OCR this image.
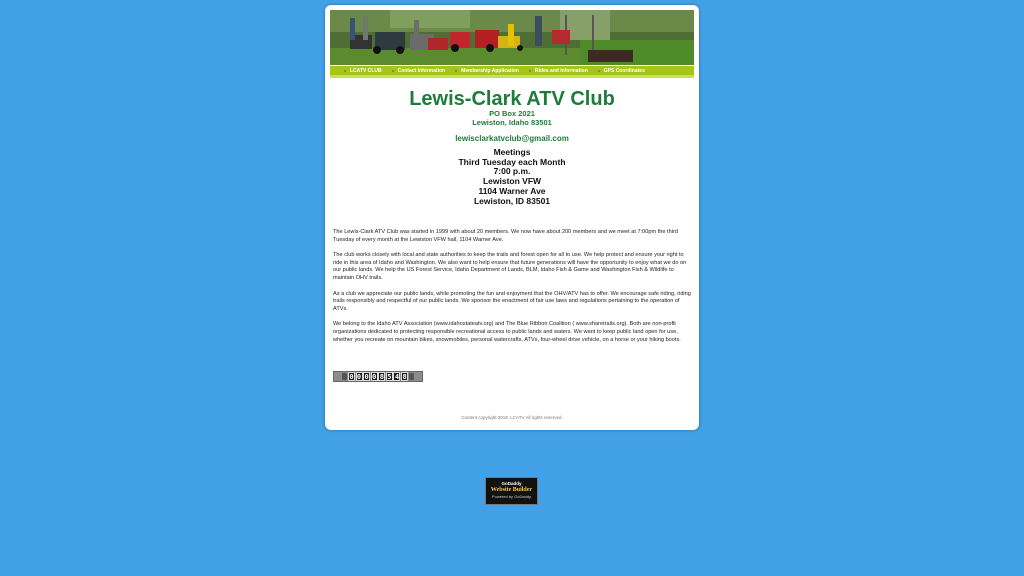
LCATV CLUB	Contact Information	Membership Application	Rides and Information	GPS Coordinates
Lewis-Clark ATV Club
PO Box 2021
Lewiston, Idaho 83501
lewisclarkatvclub@gmail.com
Meetings
Third Tuesday each Month
7:00 p.m.
Lewiston VFW
1104 Warner Ave
Lewiston, ID 83501

The Lewis-Clark ATV Club was started in 1999 with about 20 members. We now have about 200 members and we meet at 7:00pm the third Tuesday of every month at the Lewiston VFW hall, 1104 Warner Ave.

The club works closely with local and state authorities to keep the trails and forest open for all to use. We help protect and ensure your right to ride in this area of Idaho and Washington. We also want to help ensure that future generations will have the opportunity to enjoy what we do on our public lands. We help the US Forest Service, Idaho Department of Lands, BLM, Idaho Fish & Game and Washington Fish & Wildlife to maintain OHV trails.

As a club we appreciate our public lands, while promoting the fun and enjoyment that the OHV/ATV has to offer. We encourage safe riding, riding trails responsibly and respectful of our public lands. We sponsor the enactment of fair use laws and regulations pertaining to the operation of ATVs.

We belong to the Idaho ATV Association (www.idahostateatv.org) and The Blue Ribbon Coalition ( www.sharetrails.org). Both are non-profit organizations dedicated to protecting responsible recreational access to public lands and waters. We want to keep public land open for use, whether you recreate on mountain bikes, snowmobiles, personal watercrafts, ATVs, four-wheel drive vehicle, on a horse or your hiking boots.

0 0 0 0 8 5 4 8
Content copyright 2019. LCATV All rights reserved.
GoDaddy
Website Builder
Powered by GoDaddy
